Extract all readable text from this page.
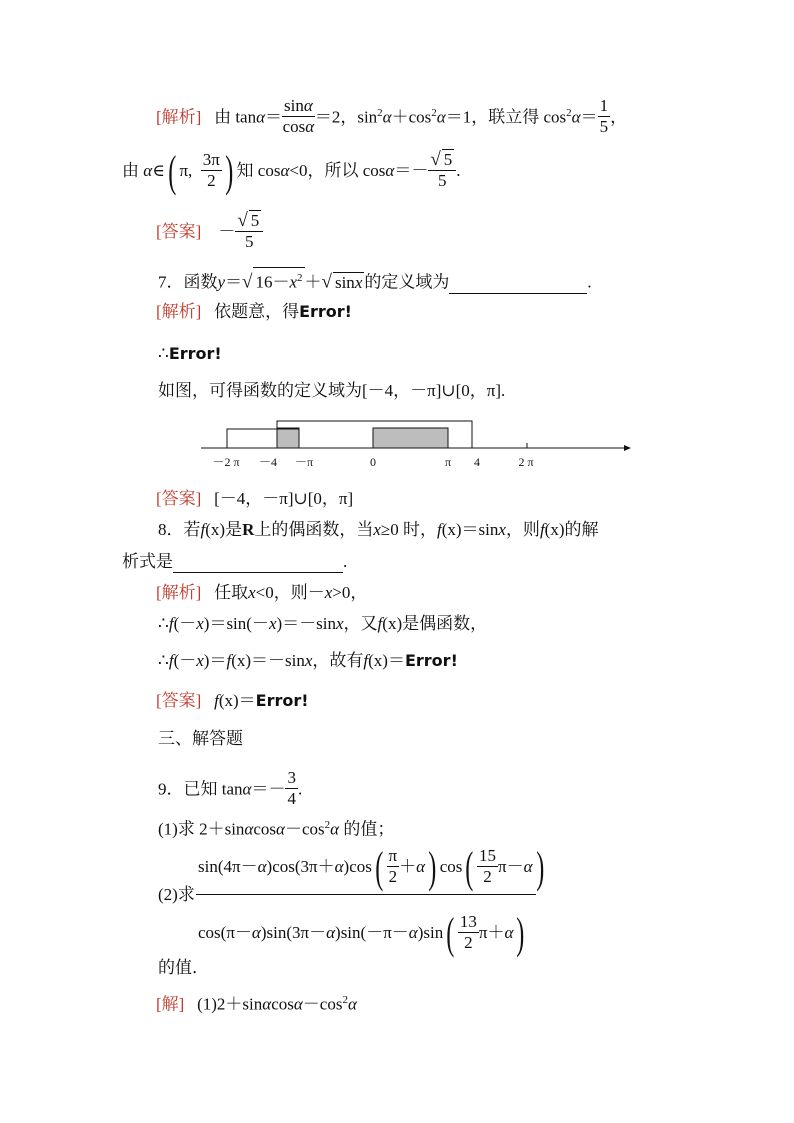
[解析] 由 $\tan\alpha= \frac{\sin\alpha}{\cos\alpha} =2$，$\sin^2\alpha+\cos^2\alpha=1$，联立得 $\cos^2\alpha= \frac{1}{5}$ ，
由 α∈( π, $\frac{3\pi}{2}$ ) 知 cosα<0，所以 $\cos\alpha=- \frac{√ 5}{5}$ .
[答案] － $\frac{√ 5}{5}$
7．函数y＝√ $16-x^2$ ＋√ sinx 的定义域为	.
[解析] 依题意，得Error!
∴Error!
如图，可得函数的定义域为[－4，－π]∪[0，π].
－2 π －4 －π	0	π 4	2 π
[答案] [－4，－π]∪[0，π]
8．若f(x)是R上的偶函数，当x≥0 时，f(x)＝sinx，则f(x)的解
析式是	.
[解析] 任取x<0，则－x>0，
∴f(－x)＝sin(－x)＝－sinx，又f(x)是偶函数，
∴f(－x)＝f(x)＝－sinx，故有f(x)＝Error!
[答案] f(x)＝Error!
三、解答题
9．已知 $\tan\alpha=- \frac{3}{4}$ .
(1)求 $2+\sin\alpha\cos\alpha-\cos^2\alpha$ 的值；
(2)求
$\sin(4\pi-\alpha)\cos(3\pi+\alpha)\cos( \frac{\pi}{2} +\alpha)$ $\cos( \frac{15}{2} \pi-\alpha)$
$\cos(\pi-\alpha)\sin(3\pi-\alpha)\sin(-\pi-\alpha)\sin( \frac{13}{2} \pi+\alpha)$
的值．
[解] $(1)2+\sin\alpha\cos\alpha-\cos^2\alpha$
